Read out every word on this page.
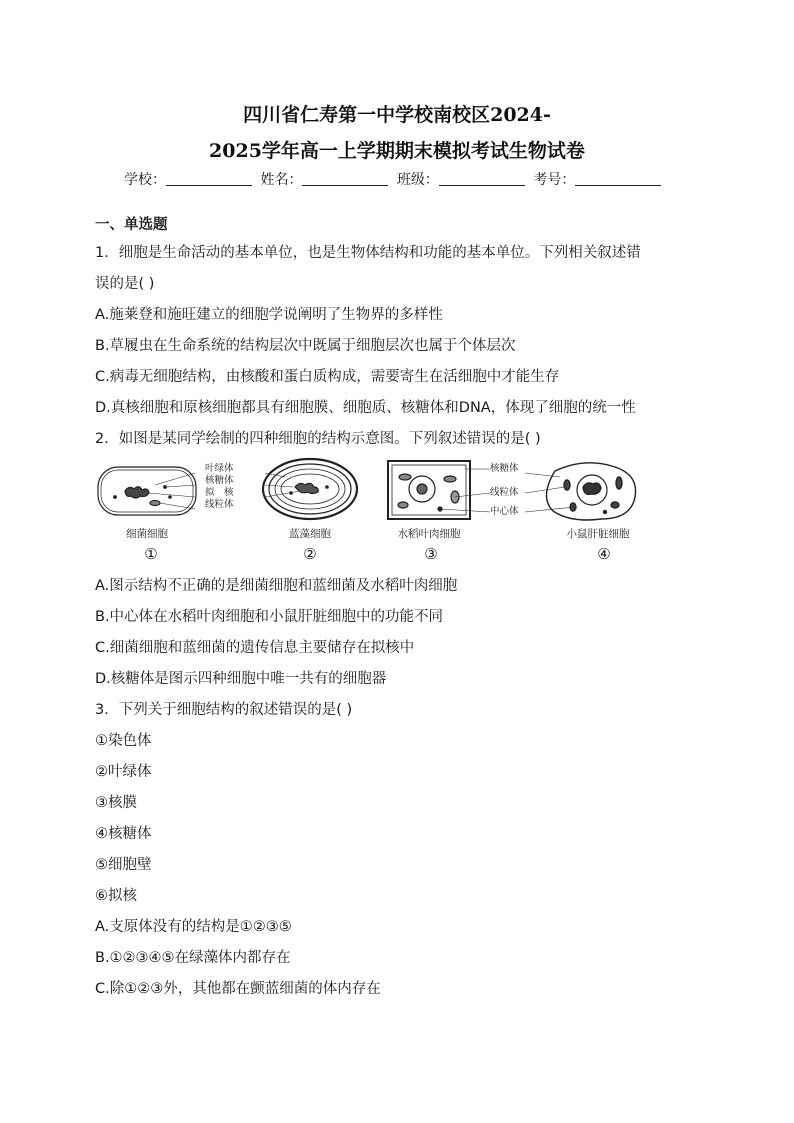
四川省仁寿第一中学校南校区2024-
2025学年高一上学期期末模拟考试生物试卷
学校：	姓名：	班级：	考号：
一、单选题
1．细胞是生命活动的基本单位，也是生物体结构和功能的基本单位。下列相关叙述错
误的是( )
A.施莱登和施旺建立的细胞学说阐明了生物界的多样性
B.草履虫在生命系统的结构层次中既属于细胞层次也属于个体层次
C.病毒无细胞结构，由核酸和蛋白质构成，需要寄生在活细胞中才能生存
D.真核细胞和原核细胞都具有细胞膜、细胞质、核糖体和DNA，体现了细胞的统一性
2．如图是某同学绘制的四种细胞的结构示意图。下列叙述错误的是( )
叶绿体
核糖体
拟　核
线粒体
核糖体
线粒体
中心体
细菌细胞	蓝藻细胞	水稻叶肉细胞	小鼠肝脏细胞
①	②	③	④
A.图示结构不正确的是细菌细胞和蓝细菌及水稻叶肉细胞
B.中心体在水稻叶肉细胞和小鼠肝脏细胞中的功能不同
C.细菌细胞和蓝细菌的遗传信息主要储存在拟核中
D.核糖体是图示四种细胞中唯一共有的细胞器
3．下列关于细胞结构的叙述错误的是( )
①染色体
②叶绿体
③核膜
④核糖体
⑤细胞壁
⑥拟核
A.支原体没有的结构是①②③⑤
B.①②③④⑤在绿藻体内都存在
C.除①②③外，其他都在颤蓝细菌的体内存在
